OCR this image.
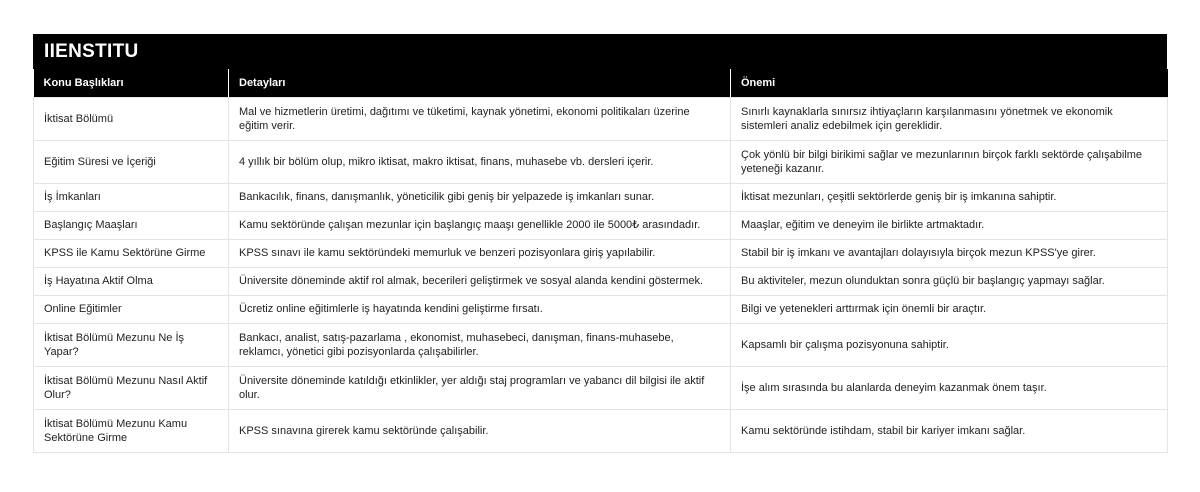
IIENSTITU
Konu Başlıkları	Detayları	Önemi
İktisat Bölümü	Mal ve hizmetlerin üretimi, dağıtımı ve tüketimi, kaynak yönetimi, ekonomi politikaları üzerine eğitim verir.	Sınırlı kaynaklarla sınırsız ihtiyaçların karşılanmasını yönetmek ve ekonomik sistemleri analiz edebilmek için gereklidir.
Eğitim Süresi ve İçeriği	4 yıllık bir bölüm olup, mikro iktisat, makro iktisat, finans, muhasebe vb. dersleri içerir.	Çok yönlü bir bilgi birikimi sağlar ve mezunlarının birçok farklı sektörde çalışabilme yeteneği kazanır.
İş İmkanları	Bankacılık, finans, danışmanlık, yöneticilik gibi geniş bir yelpazede iş imkanları sunar.	İktisat mezunları, çeşitli sektörlerde geniş bir iş imkanına sahiptir.
Başlangıç Maaşları	Kamu sektöründe çalışan mezunlar için başlangıç maaşı genellikle 2000 ile 5000₺ arasındadır.	Maaşlar, eğitim ve deneyim ile birlikte artmaktadır.
KPSS ile Kamu Sektörüne Girme	KPSS sınavı ile kamu sektöründeki memurluk ve benzeri pozisyonlara giriş yapılabilir.	Stabil bir iş imkanı ve avantajları dolayısıyla birçok mezun KPSS'ye girer.
İş Hayatına Aktif Olma	Üniversite döneminde aktif rol almak, becerileri geliştirmek ve sosyal alanda kendini göstermek.	Bu aktiviteler, mezun olunduktan sonra güçlü bir başlangıç yapmayı sağlar.
Online Eğitimler	Ücretiz online eğitimlerle iş hayatında kendini geliştirme fırsatı.	Bilgi ve yetenekleri arttırmak için önemli bir araçtır.
İktisat Bölümü Mezunu Ne İş Yapar?	Bankacı, analist, satış-pazarlama , ekonomist, muhasebeci, danışman, finans-muhasebe, reklamcı, yönetici gibi pozisyonlarda çalışabilirler.	Kapsamlı bir çalışma pozisyonuna sahiptir.
İktisat Bölümü Mezunu Nasıl Aktif Olur?	Üniversite döneminde katıldığı etkinlikler, yer aldığı staj programları ve yabancı dil bilgisi ile aktif olur.	İşe alım sırasında bu alanlarda deneyim kazanmak önem taşır.
İktisat Bölümü Mezunu Kamu Sektörüne Girme	KPSS sınavına girerek kamu sektöründe çalışabilir.	Kamu sektöründe istihdam, stabil bir kariyer imkanı sağlar.
